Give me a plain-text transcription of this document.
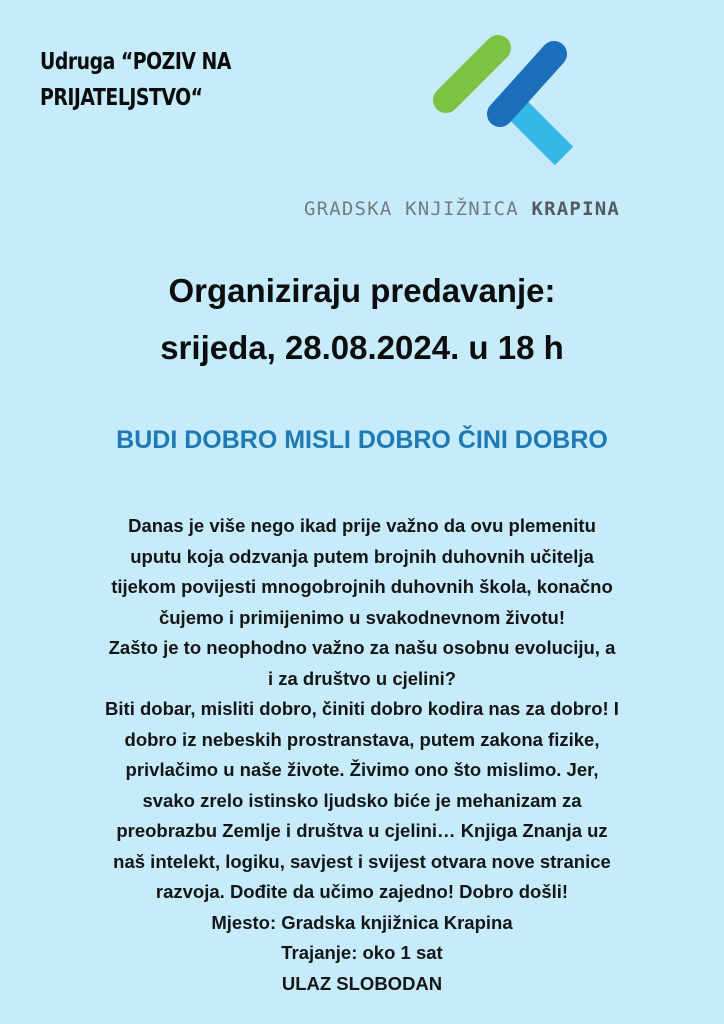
Udruga “POZIV NA
PRIJATELJSTVO“
GRADSKA KNJIŽNICA KRAPINA
Organiziraju predavanje:
srijeda, 28.08.2024. u 18 h
BUDI DOBRO MISLI DOBRO ČINI DOBRO
Danas je više nego ikad prije važno da ovu plemenitu
uputu koja odzvanja putem brojnih duhovnih učitelja
tijekom povijesti mnogobrojnih duhovnih škola, konačno
čujemo i primijenimo u svakodnevnom životu!
Zašto je to neophodno važno za našu osobnu evoluciju, a
i za društvo u cjelini?
Biti dobar, misliti dobro, činiti dobro kodira nas za dobro! I
dobro iz nebeskih prostranstava, putem zakona fizike,
privlačimo u naše živote. Živimo ono što mislimo. Jer,
svako zrelo istinsko ljudsko biće je mehanizam za
preobrazbu Zemlje i društva u cjelini… Knjiga Znanja uz
naš intelekt, logiku, savjest i svijest otvara nove stranice
razvoja. Dođite da učimo zajedno! Dobro došli!
Mjesto: Gradska knjižnica Krapina
Trajanje: oko 1 sat
ULAZ SLOBODAN
